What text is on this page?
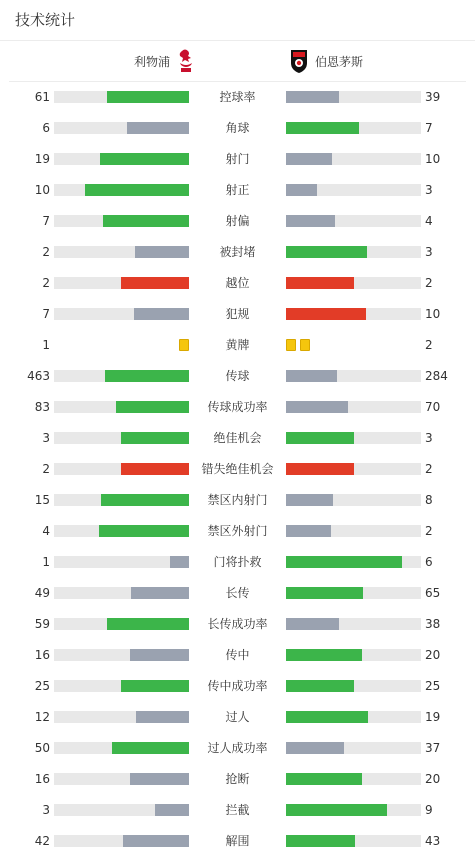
技术统计
利物浦	伯恩茅斯
61	控球率	39
6	角球	7
19	射门	10
10	射正	3
7	射偏	4
2	被封堵	3
2	越位	2
7	犯规	10
1	黄牌	2
463	传球	284
83	传球成功率	70
3	绝佳机会	3
2	错失绝佳机会	2
15	禁区内射门	8
4	禁区外射门	2
1	门将扑救	6
49	长传	65
59	长传成功率	38
16	传中	20
25	传中成功率	25
12	过人	19
50	过人成功率	37
16	抢断	20
3	拦截	9
42	解围	43
